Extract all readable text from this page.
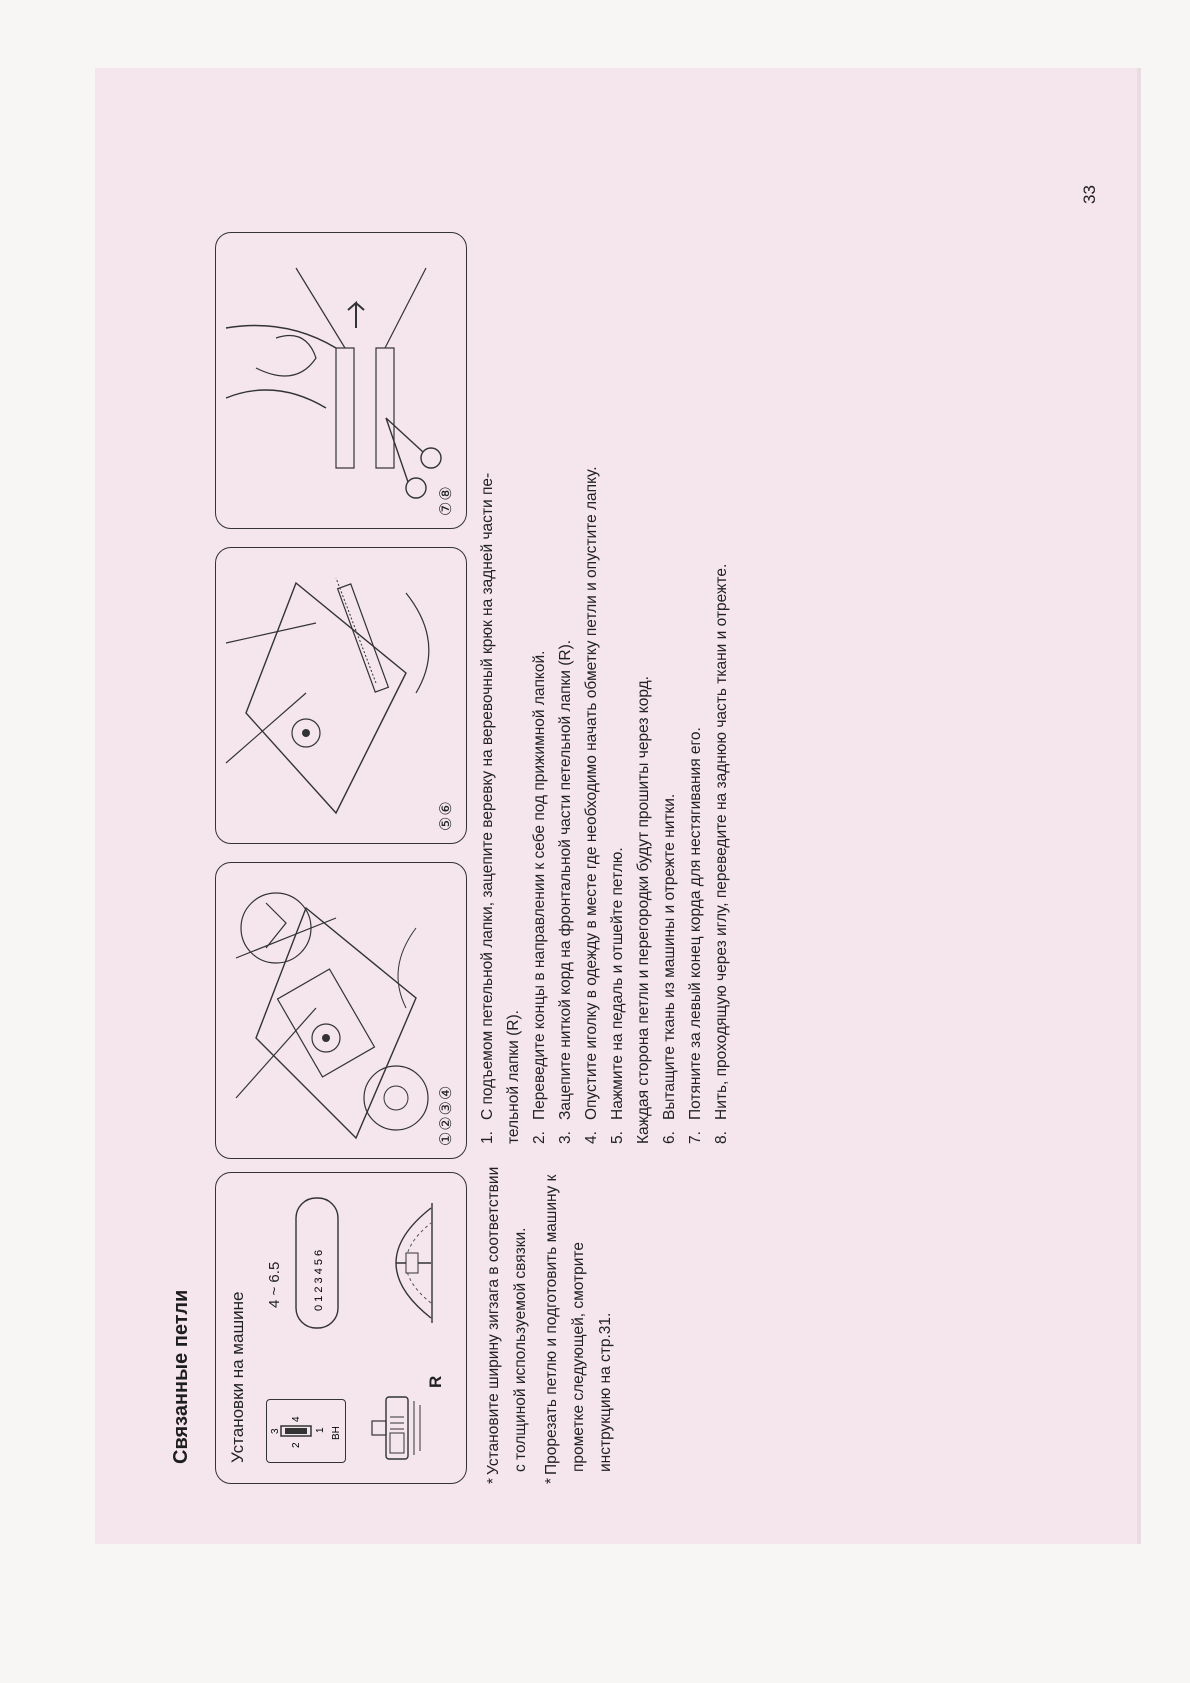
Связанные петли Установки на машине 3
2
4
1 BH
R
4 ~ 6.5	0 1 2 3 4 5 6

*Установите ширину зигзага в соответствии с толщиной используемой связки.

*Прорезать петлю и подготовить машину к прометке следующей, смотрите инструкцию на стр.31.

①②③④
⑤⑥
⑦⑧

1.С подъемом петельной лапки, зацепите веревку на веревочный крюк на задней части пе- тельной лапки (R). 2.Переведите концы в направлении к себе под прижимной лапкой.

3.Зацепите ниткой корд на фронтальной части петельной лапки (R).

4.Опустите иголку в одежду в месте где необходимо начать обметку петли и опустите лапку.

5.Нажмите на педаль и отшейте петлю. Каждая сторона петли и перегородки будут прошиты через корд. 6.Вытащите ткань из машины и отрежте нитки.

7.Потяните за левый конец корда для нестягивания его.

8.Нить, проходящую через иглу, переведите на заднюю часть ткани и отрежте.

33
